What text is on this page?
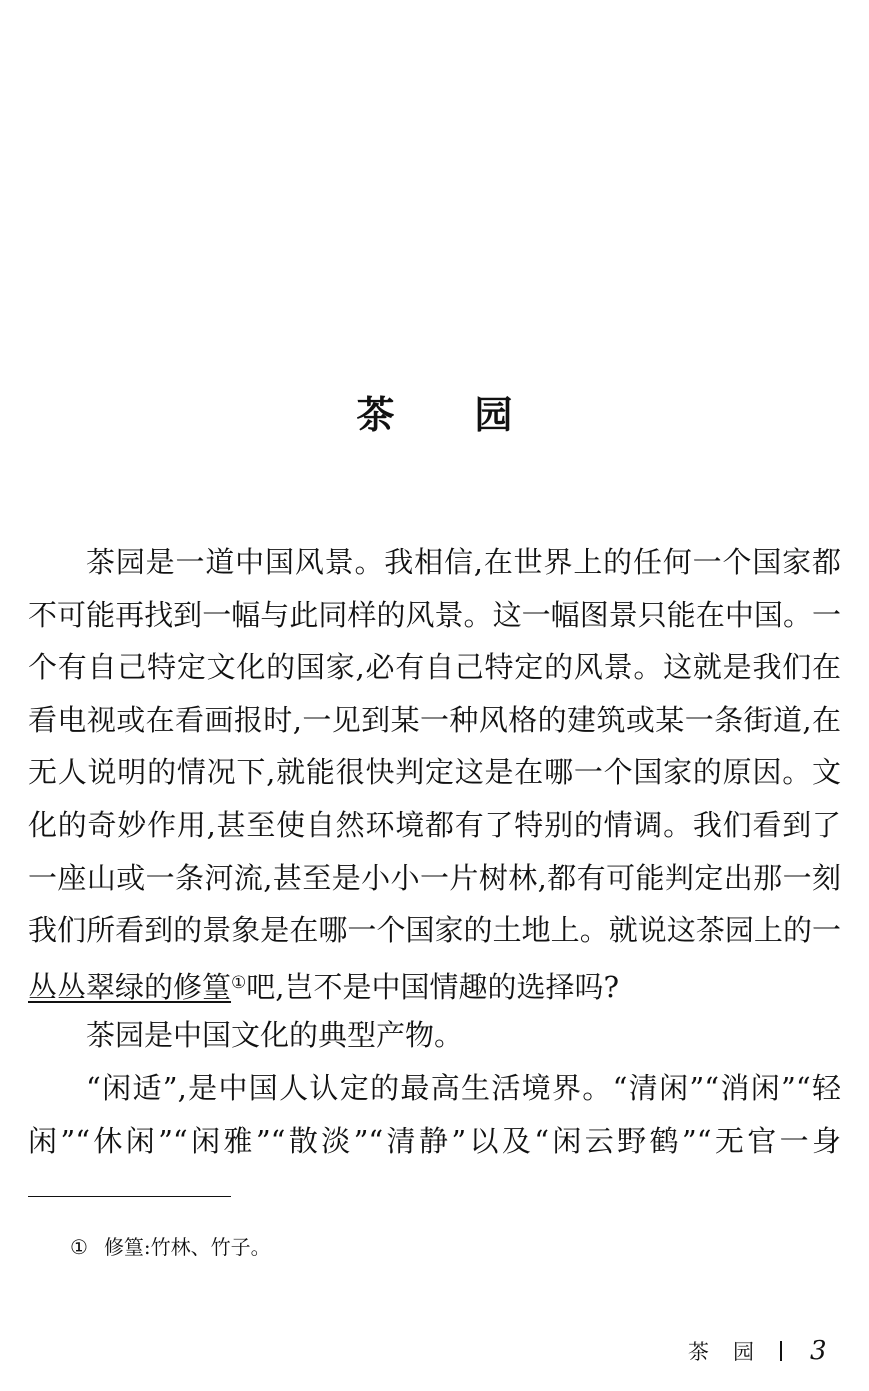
茶 园
茶园是一道中国风景。我相信,在世界上的任何一个国家都
不可能再找到一幅与此同样的风景。这一幅图景只能在中国。一
个有自己特定文化的国家,必有自己特定的风景。这就是我们在
看电视或在看画报时,一见到某一种风格的建筑或某一条街道,在
无人说明的情况下,就能很快判定这是在哪一个国家的原因。文
化的奇妙作用,甚至使自然环境都有了特别的情调。我们看到了
一座山或一条河流,甚至是小小一片树林,都有可能判定出那一刻
我们所看到的景象是在哪一个国家的土地上。就说这茶园上的一
丛丛翠绿的修篁①吧,岂不是中国情趣的选择吗?
茶园是中国文化的典型产物。
“闲适”,是中国人认定的最高生活境界。“清闲”“消闲”“轻
闲”“休闲”“闲雅”“散淡”“清静”以及“闲云野鹤”“无官一身
① 修篁:竹林、竹子。
茶园 3
